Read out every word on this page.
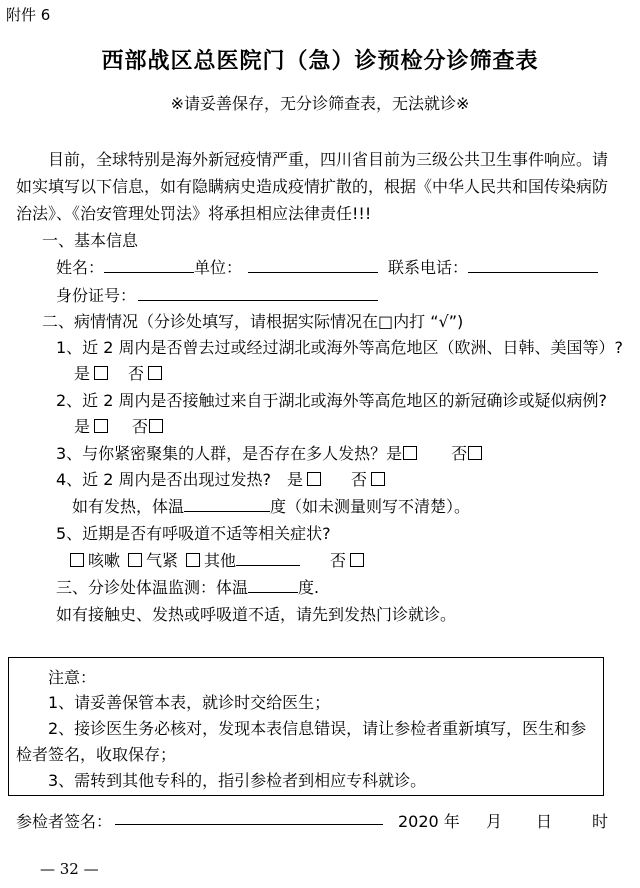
附件 6
西部战区总医院门（急）诊预检分诊筛查表
※请妥善保存，无分诊筛查表，无法就诊※
目前，全球特别是海外新冠疫情严重，四川省目前为三级公共卫生事件响应。请
如实填写以下信息，如有隐瞒病史造成疫情扩散的，根据《中华人民共和国传染病防
治法》、《治安管理处罚法》将承担相应法律责任!!!
一、基本信息
姓名：	单位：	联系电话：
身份证号：
二、病情情况（分诊处填写，请根据实际情况在□内打 “√”)
1、近 2 周内是否曾去过或经过湖北或海外等高危地区（欧洲、日韩、美国等）?
是 否
2、近 2 周内是否接触过来自于湖北或海外等高危地区的新冠确诊或疑似病例?
是	否
3、与你紧密聚集的人群，是否存在多人发热？是	否
4、近 2 周内是否出现过发热? 是	否
如有发热，体温	度（如未测量则写不清楚）。
5、近期是否有呼吸道不适等相关症状?
咳嗽 气紧 其他	否
三、分诊处体温监测：体温	度.
如有接触史、发热或呼吸道不适，请先到发热门诊就诊。
注意：
1、请妥善保管本表，就诊时交给医生；
2、接诊医生务必核对，发现本表信息错误，请让参检者重新填写，医生和参
检者签名，收取保存；
3、需转到其他专科的，指引参检者到相应专科就诊。
参检者签名：	2020 年 月 日 时
— 32 —
